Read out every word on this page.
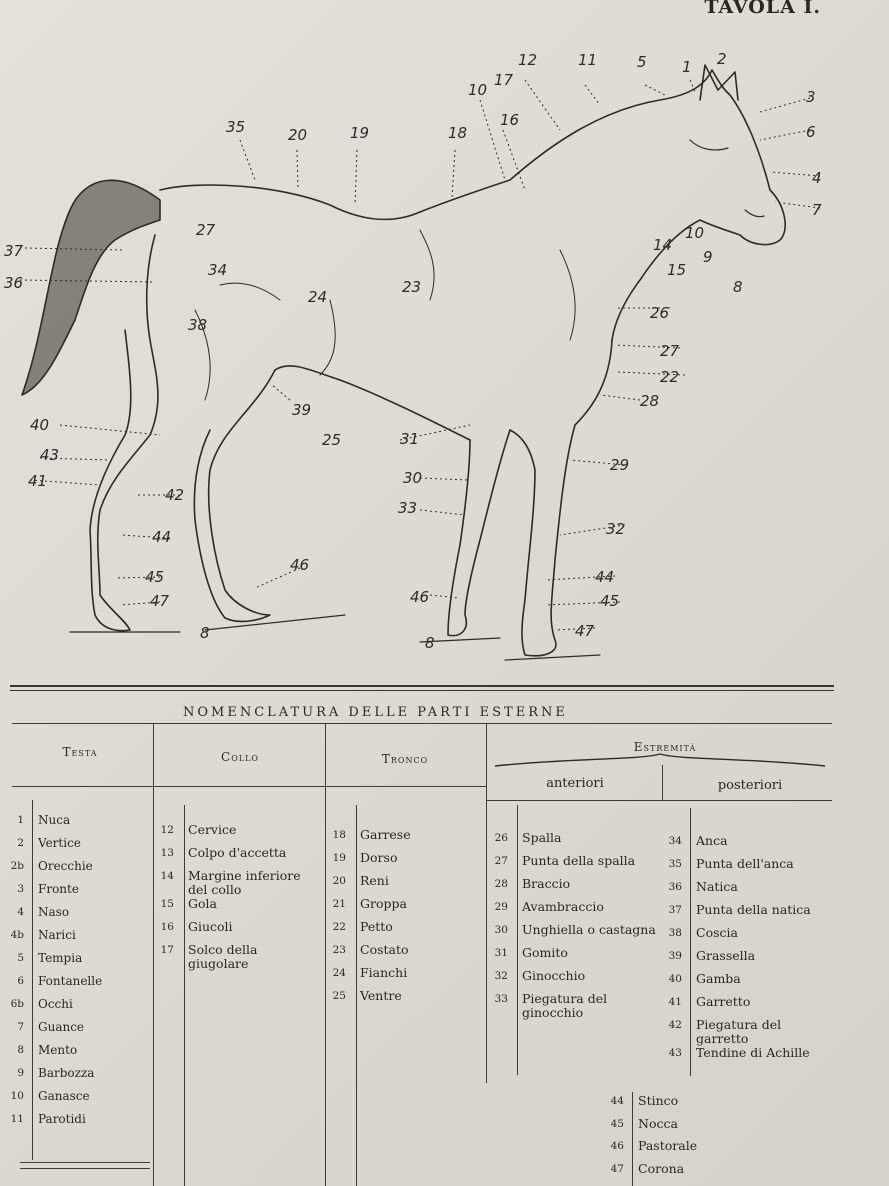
TAVOLA I.
35	20	19	18
10
17
16
12	11	5 1 2
3
6
4
7
14
10
15
9
8
27
34
23
24
38
39
25
37
36
26
27
22
28
29
32
44
45
47
31
30
33
46
8
40
43
41
42
44
45
47
46
8
NOMENCLATURA DELLE PARTI ESTERNE
Testa	Collo	Tronco
Estremità
anteriori	posteriori
1 Nuca
2 Vertice
2b Orecchie
3 Fronte
4 Naso
4b Narici
5 Tempia
6 Fontanelle
6b Occhi
7 Guance
8 Mento
9 Barbozza
10 Ganasce
11 Parotidi
12 Cervice
13 Colpo d'accetta
14 Margine inferiore del collo
15 Gola
16 Giucoli
17 Solco della giugolare
18 Garrese
19 Dorso
20 Reni
21 Groppa
22 Petto
23 Costato
24 Fianchi
25 Ventre
26 Spalla
27 Punta della spalla
28 Braccio
29 Avambraccio
30 Unghiella o castagna
31 Gomito
32 Ginocchio
33 Piegatura del ginocchio
34 Anca
35 Punta dell'anca
36 Natica
37 Punta della natica
38 Coscia
39 Grassella
40 Gamba
41 Garretto
42 Piegatura del garretto
43 Tendine di Achille
44 Stinco
45 Nocca
46 Pastorale
47 Corona
